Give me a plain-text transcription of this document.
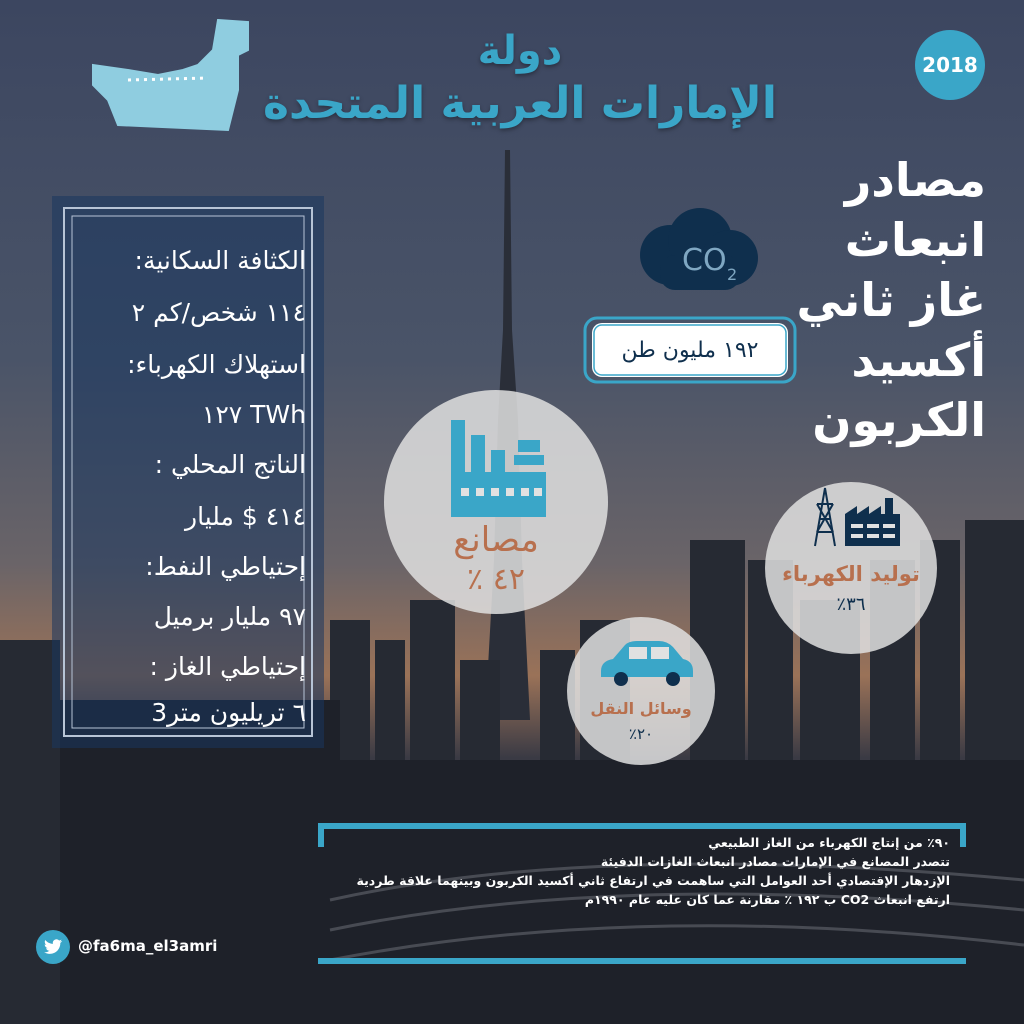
دولة
الإمارات العربية المتحدة
2018
مصادر
انبعاث
غاز ثاني
أكسيد
الكربون
CO 2
١٩٢ مليون طن
الكثافة السكانية:
١١٤ شخص/كم ٢
استهلاك الكهرباء:
TWh ١٢٧
الناتج المحلي :
٤١٤ $ مليار
إحتياطي النفط:
٩٧ مليار برميل
إحتياطي الغاز :
٦ تريليون متر3
مصانع
٤٢ ٪	توليد الكهرباء
٣٦٪
وسائل النقل
٢٠٪
٩٠٪ من إنتاج الكهرباء من الغاز الطبيعي
تتصدر المصانع في الإمارات مصادر انبعاث الغازات الدفيئة
الإزدهار الإقتصادي أحد العوامل التي ساهمت في ارتفاع ثاني أكسيد الكربون وبينهما علاقة طردية
ارتفع انبعاث CO2 ب ١٩٢ ٪ مقارنة عما كان عليه عام ١٩٩٠م
@fa6ma_el3amri
